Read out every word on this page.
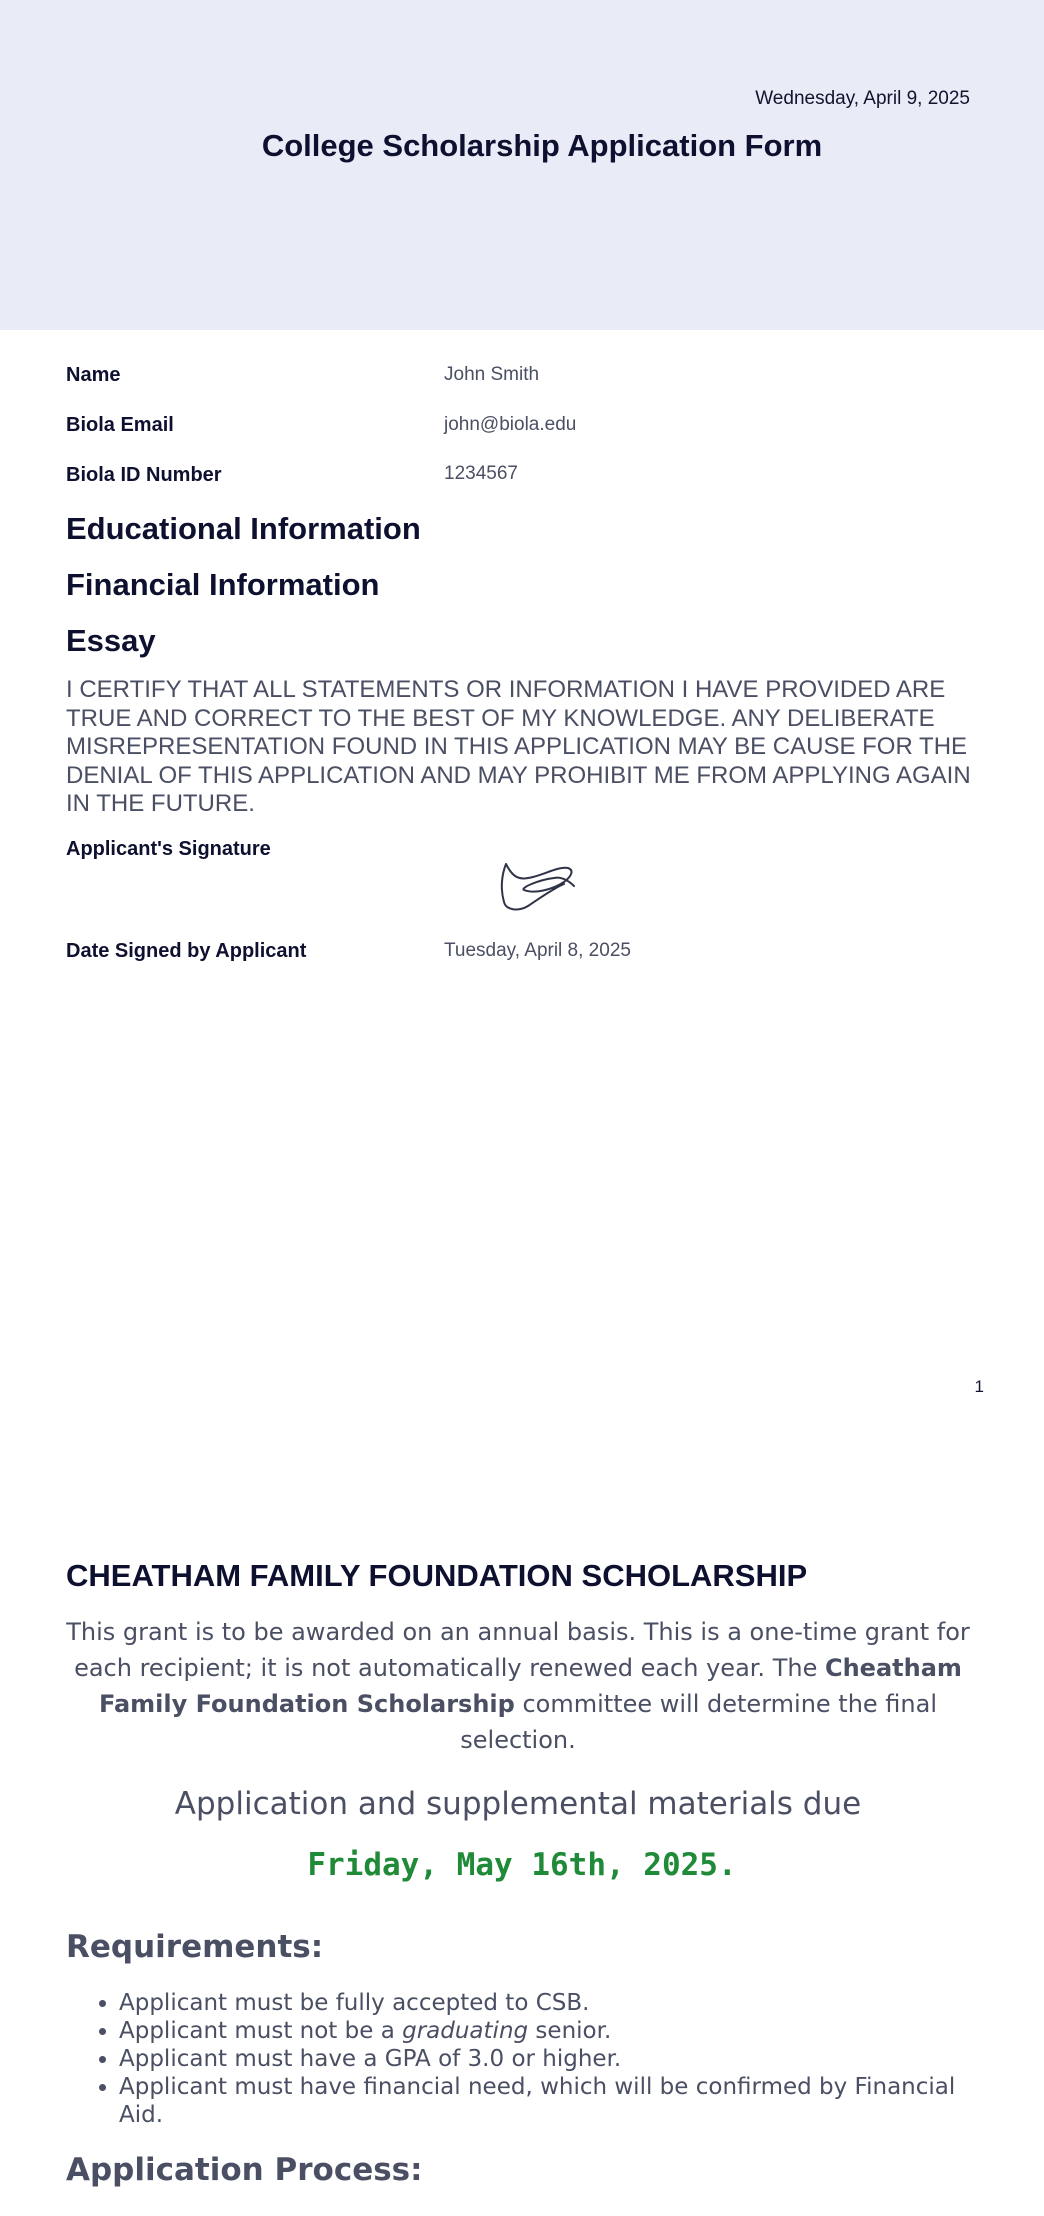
Wednesday, April 9, 2025
College Scholarship Application Form
Name	John Smith
Biola Email	john@biola.edu
Biola ID Number	1234567
Educational Information
Financial Information
Essay
I CERTIFY THAT ALL STATEMENTS OR INFORMATION I HAVE PROVIDED ARE TRUE AND CORRECT TO THE BEST OF MY KNOWLEDGE. ANY DELIBERATE MISREPRESENTATION FOUND IN THIS APPLICATION MAY BE CAUSE FOR THE DENIAL OF THIS APPLICATION AND MAY PROHIBIT ME FROM APPLYING AGAIN IN THE FUTURE.
Applicant's Signature
Date Signed by Applicant	Tuesday, April 8, 2025
1
CHEATHAM FAMILY FOUNDATION SCHOLARSHIP
This grant is to be awarded on an annual basis. This is a one-time grant for each recipient; it is not automatically renewed each year. The Cheatham Family Foundation Scholarship committee will determine the final selection.
Application and supplemental materials due
Friday, May 16th, 2025.
Requirements:
• Applicant must be fully accepted to CSB.
• Applicant must not be a graduating senior.
• Applicant must have a GPA of 3.0 or higher.
• Applicant must have financial need, which will be confirmed by Financial Aid.
Application Process:
